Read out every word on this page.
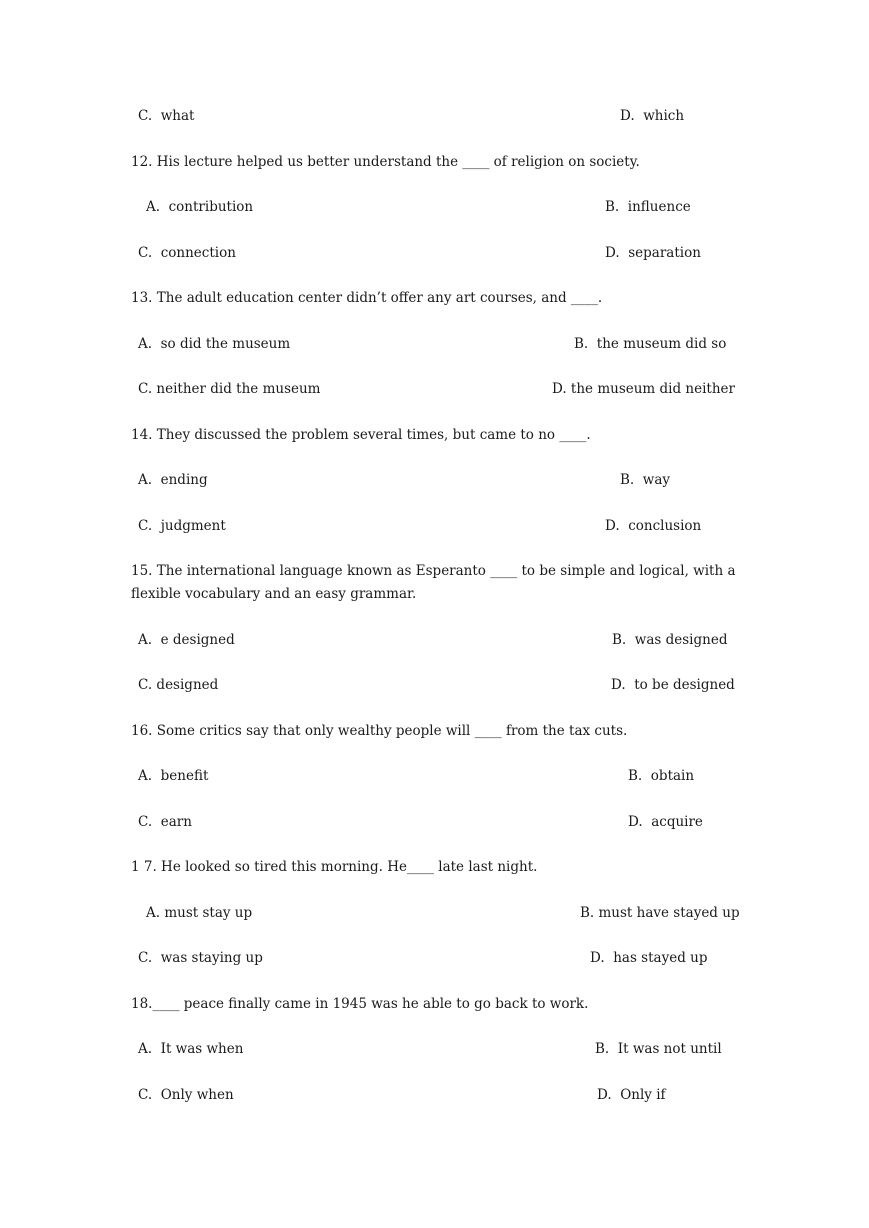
C.  what	D.  which
12. His lecture helped us better understand the ____ of religion on society.
A.  contribution	B.  influence
C.  connection	D.  separation
13. The adult education center didn’t offer any art courses, and ____.
A.  so did the museum	B.  the museum did so
C. neither did the museum	D. the museum did neither
14. They discussed the problem several times, but came to no ____.
A.  ending	B.  way
C.  judgment	D.  conclusion
15. The international language known as Esperanto ____ to be simple and logical, with a flexible vocabulary and an easy grammar.
A.  e designed	B.  was designed
C. designed	D.  to be designed
16. Some critics say that only wealthy people will ____ from the tax cuts.
A.  benefit	B.  obtain
C.  earn	D.  acquire
1 7. He looked so tired this morning. He____ late last night.
A. must stay up	B. must have stayed up
C.  was staying up	D.  has stayed up
18.____ peace finally came in 1945 was he able to go back to work.
A.  It was when	B.  It was not until
C.  Only when	D.  Only if
